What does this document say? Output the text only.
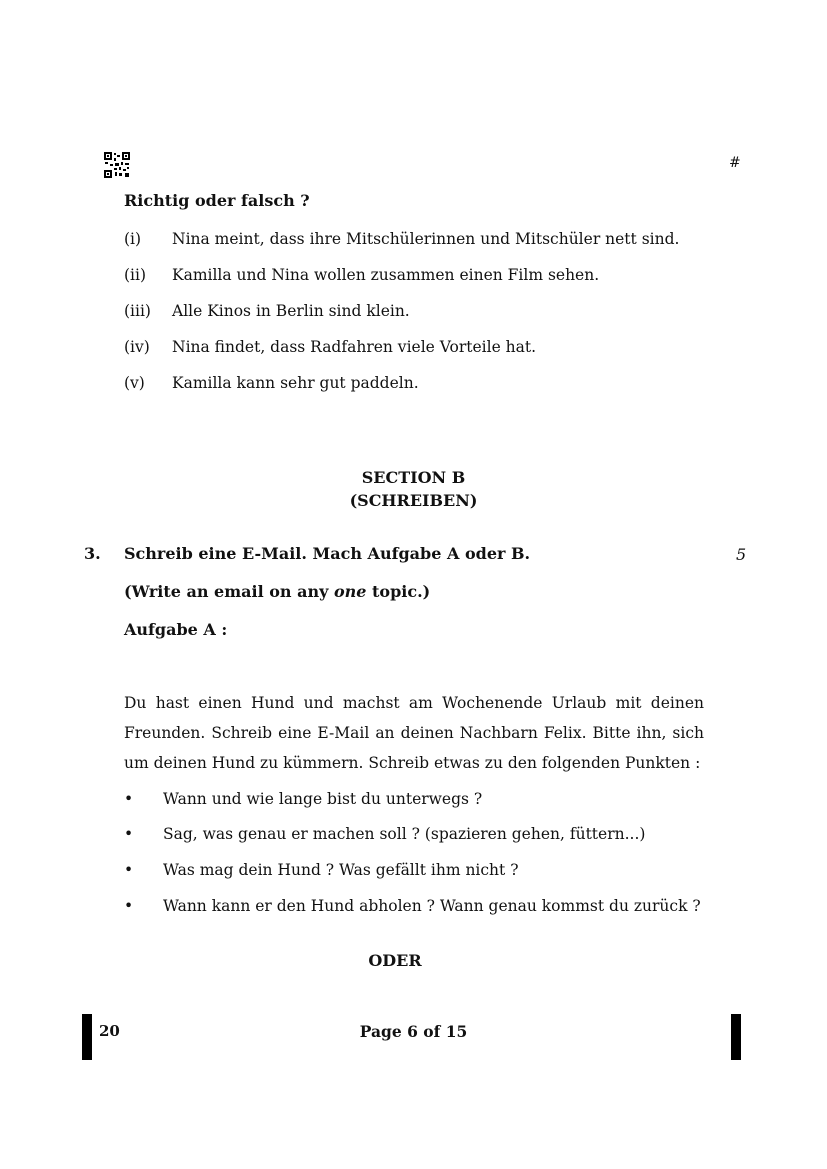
#
Richtig oder falsch ?
(i) Nina meint, dass ihre Mitschülerinnen und Mitschüler nett sind.
(ii) Kamilla und Nina wollen zusammen einen Film sehen.
(iii) Alle Kinos in Berlin sind klein.
(iv) Nina findet, dass Radfahren viele Vorteile hat.
(v) Kamilla kann sehr gut paddeln.
SECTION B
(SCHREIBEN)
3. Schreib eine E-Mail. Mach Aufgabe A oder B.	5
(Write an email on any one topic.)
Aufgabe A :
Du hast einen Hund und machst am Wochenende Urlaub mit deinen Freunden. Schreib eine E-Mail an deinen Nachbarn Felix. Bitte ihn, sich um deinen Hund zu kümmern. Schreib etwas zu den folgenden Punkten :
• Wann und wie lange bist du unterwegs ?
• Sag, was genau er machen soll ? (spazieren gehen, füttern...)
• Was mag dein Hund ? Was gefällt ihm nicht ?
• Wann kann er den Hund abholen ? Wann genau kommst du zurück ?
ODER
20	Page 6 of 15
